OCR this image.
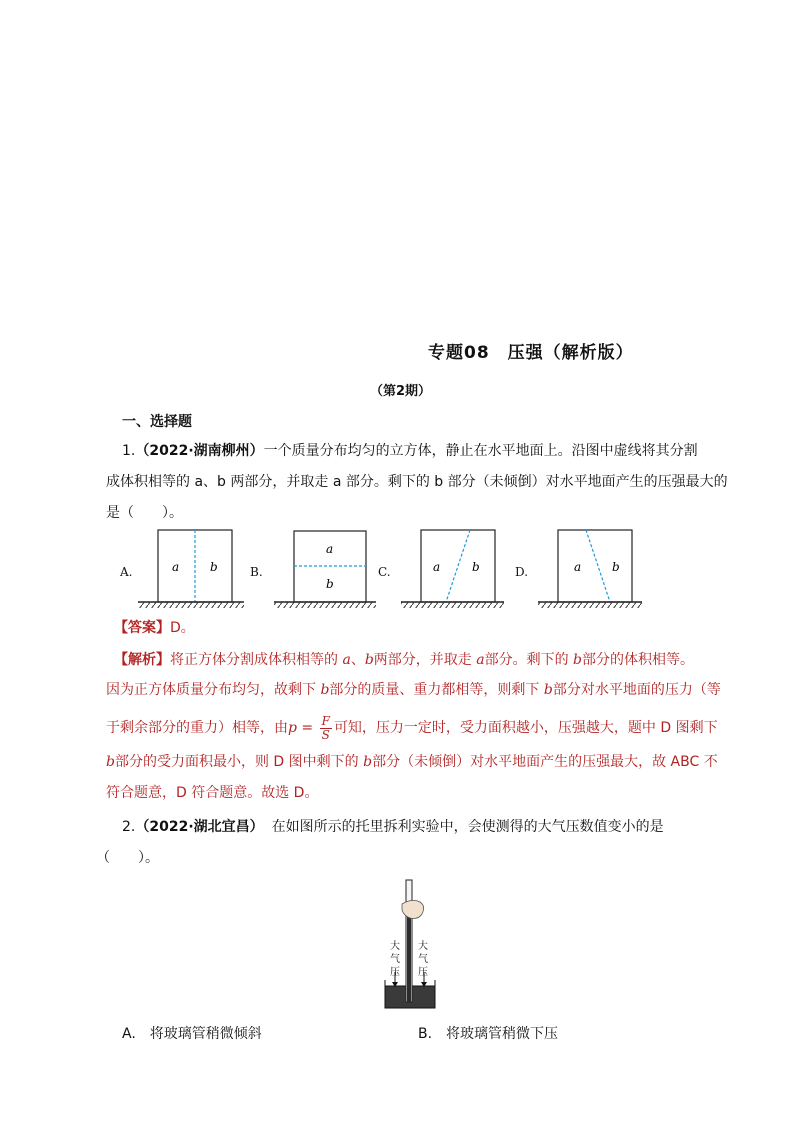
专题08　压强（解析版）
（第2期）
一、选择题
1.（2022·湖南柳州）一个质量分布均匀的立方体，静止在水平地面上。沿图中虚线将其分割
成体积相等的 a、b 两部分，并取走 a 部分。剩下的 b 部分（未倾倒）对水平地面产生的压强最大的
是（　　）。
A.	B.	C.	D.
a	b
a
b
a	b	a	b
【答案】D。
【解析】将正方体分割成体积相等的 a、b两部分，并取走 a部分。剩下的 b部分的体积相等。
因为正方体质量分布均匀，故剩下 b部分的质量、重力都相等，则剩下 b部分对水平地面的压力（等
于剩余部分的重力）相等，由$p = \frac{F}{S}$ 可知，压力一定时，受力面积越小，压强越大，题中 D 图剩下
b部分的受力面积最小，则 D 图中剩下的 b部分（未倾倒）对水平地面产生的压强最大，故 ABC 不
符合题意，D 符合题意。故选 D。
2.（2022·湖北宜昌） 在如图所示的托里拆利实验中，会使测得的大气压数值变小的是
（　　）。
大气压
大气压
A.　将玻璃管稍微倾斜	B.　将玻璃管稍微下压
